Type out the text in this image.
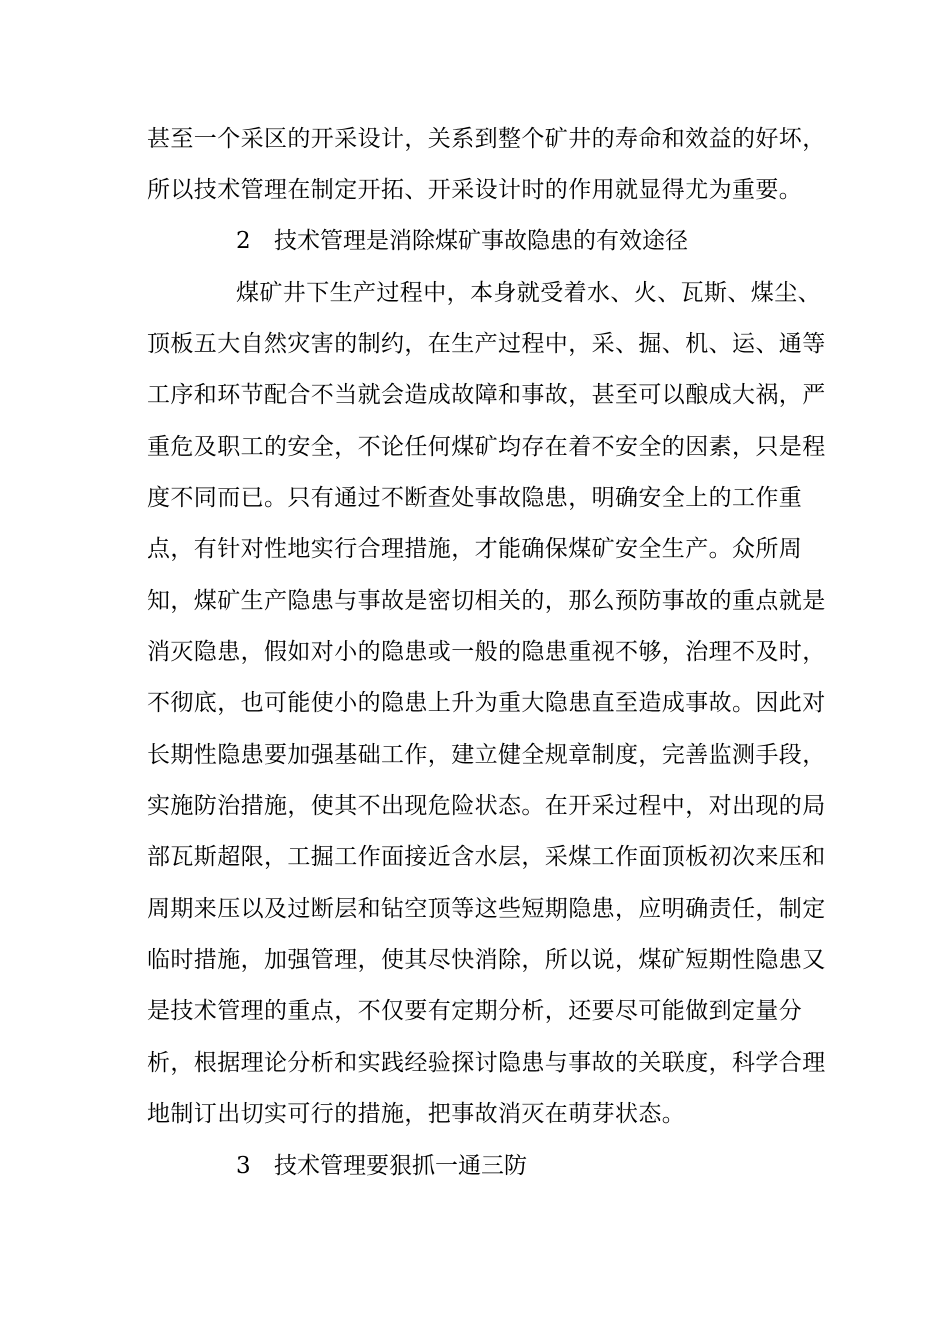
甚至一个采区的开采设计，关系到整个矿井的寿命和效益的好坏，
所以技术管理在制定开拓、开采设计时的作用就显得尤为重要。
2 技术管理是消除煤矿事故隐患的有效途径
煤矿井下生产过程中，本身就受着水、火、瓦斯、煤尘、
顶板五大自然灾害的制约，在生产过程中，采、掘、机、运、通等
工序和环节配合不当就会造成故障和事故，甚至可以酿成大祸，严
重危及职工的安全，不论任何煤矿均存在着不安全的因素，只是程
度不同而已。只有通过不断查处事故隐患，明确安全上的工作重
点，有针对性地实行合理措施，才能确保煤矿安全生产。众所周
知，煤矿生产隐患与事故是密切相关的，那么预防事故的重点就是
消灭隐患，假如对小的隐患或一般的隐患重视不够，治理不及时，
不彻底，也可能使小的隐患上升为重大隐患直至造成事故。因此对
长期性隐患要加强基础工作，建立健全规章制度，完善监测手段，
实施防治措施，使其不出现危险状态。在开采过程中，对出现的局
部瓦斯超限，工掘工作面接近含水层，采煤工作面顶板初次来压和
周期来压以及过断层和钻空顶等这些短期隐患，应明确责任，制定
临时措施，加强管理，使其尽快消除，所以说，煤矿短期性隐患又
是技术管理的重点，不仅要有定期分析，还要尽可能做到定量分
析，根据理论分析和实践经验探讨隐患与事故的关联度，科学合理
地制订出切实可行的措施，把事故消灭在萌芽状态。
3 技术管理要狠抓一通三防
